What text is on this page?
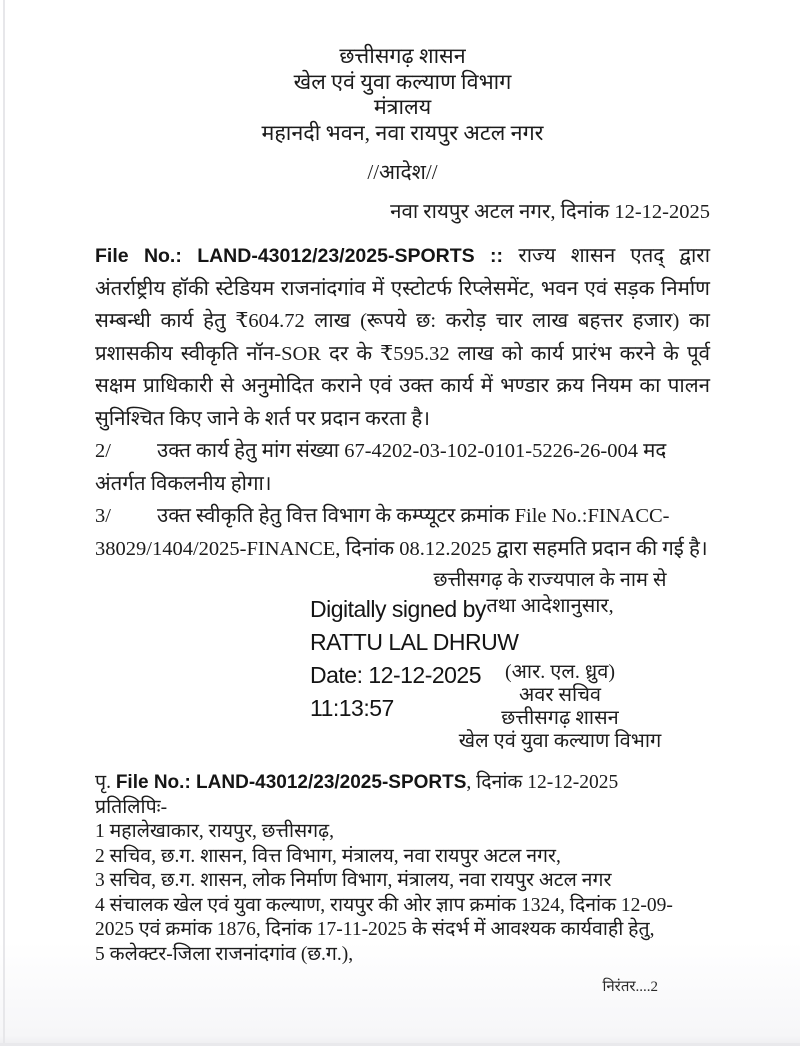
छत्तीसगढ़ शासन
खेल एवं युवा कल्याण विभाग
मंत्रालय
महानदी भवन, नवा रायपुर अटल नगर
//आदेश//
नवा रायपुर अटल नगर, दिनांक 12-12-2025
File No.: LAND-43012/23/2025-SPORTS :: राज्य शासन एतद् द्वारा अंतर्राष्ट्रीय हॉकी स्टेडियम राजनांदगांव में एस्टोटर्फ रिप्लेसमेंट, भवन एवं सड़क निर्माण सम्बन्धी कार्य हेतु ₹604.72 लाख (रूपये छ: करोड़ चार लाख बहत्तर हजार) का प्रशासकीय स्वीकृति नॉन-SOR दर के ₹595.32 लाख को कार्य प्रारंभ करने के पूर्व सक्षम प्राधिकारी से अनुमोदित कराने एवं उक्त कार्य में भण्डार क्रय नियम का पालन सुनिश्चित किए जाने के शर्त पर प्रदान करता है।
2/ उक्त कार्य हेतु मांग संख्या 67-4202-03-102-0101-5226-26-004 मद अंतर्गत विकलनीय होगा।
3/ उक्त स्वीकृति हेतु वित्त विभाग के कम्प्यूटर क्रमांक File No.:FINACC-38029/1404/2025-FINANCE, दिनांक 08.12.2025 द्वारा सहमति प्रदान की गई है।
Digitally signed by
RATTU LAL DHRUW
Date: 12-12-2025
11:13:57
छत्तीसगढ़ के राज्यपाल के नाम से
तथा आदेशानुसार,
(आर. एल. ध्रुव)
अवर सचिव
छत्तीसगढ़ शासन
खेल एवं युवा कल्याण विभाग
पृ. File No.: LAND-43012/23/2025-SPORTS, दिनांक 12-12-2025
प्रतिलिपिः-
1 महालेखाकार, रायपुर, छत्तीसगढ़,
2 सचिव, छ.ग. शासन, वित्त विभाग, मंत्रालय, नवा रायपुर अटल नगर,
3 सचिव, छ.ग. शासन, लोक निर्माण विभाग, मंत्रालय, नवा रायपुर अटल नगर
4 संचालक खेल एवं युवा कल्याण, रायपुर की ओर ज्ञाप क्रमांक 1324, दिनांक 12-09-2025 एवं क्रमांक 1876, दिनांक 17-11-2025 के संदर्भ में आवश्यक कार्यवाही हेतु,
5 कलेक्टर-जिला राजनांदगांव (छ.ग.),
निरंतर....2
